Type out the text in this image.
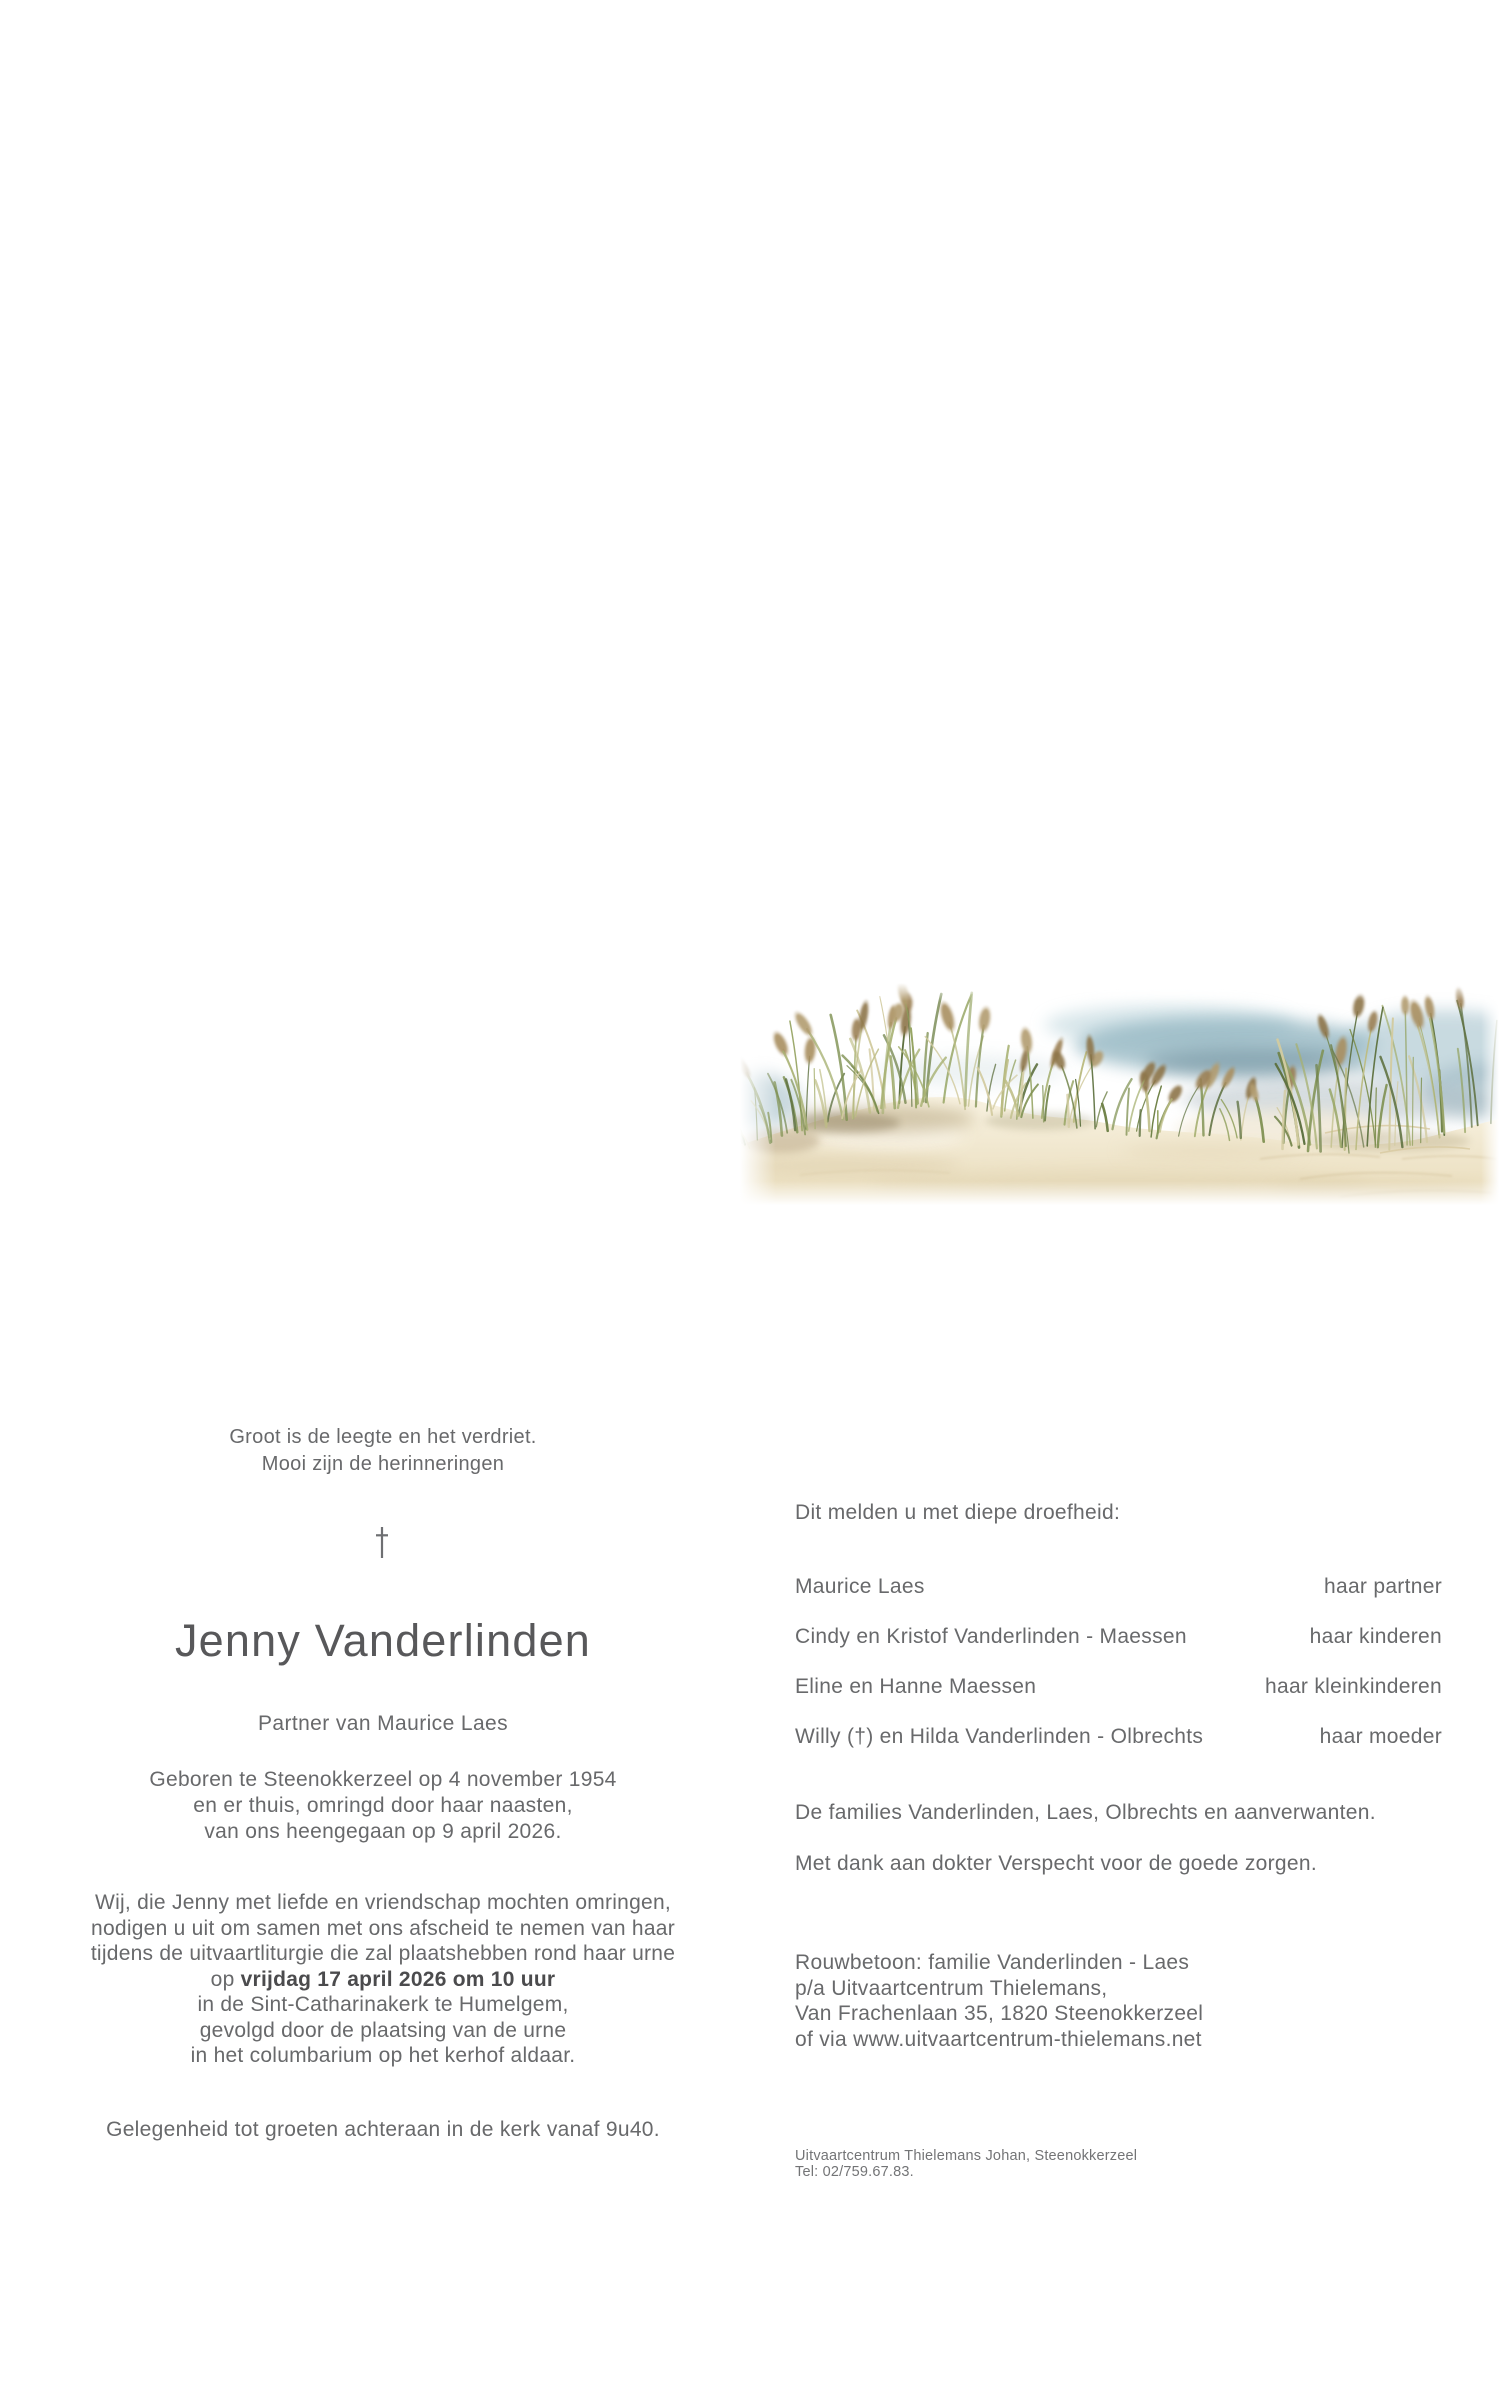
Groot is de leegte en het verdriet.
Mooi zijn de herinneringen
Jenny Vanderlinden
Partner van Maurice Laes
Geboren te Steenokkerzeel op 4 november 1954
en er thuis, omringd door haar naasten,
van ons heengegaan op 9 april 2026.
Wij, die Jenny met liefde en vriendschap mochten omringen,
nodigen u uit om samen met ons afscheid te nemen van haar
tijdens de uitvaartliturgie die zal plaatshebben rond haar urne
op vrijdag 17 april 2026 om 10 uur
in de Sint-Catharinakerk te Humelgem,
gevolgd door de plaatsing van de urne
in het columbarium op het kerhof aldaar.
Gelegenheid tot groeten achteraan in de kerk vanaf 9u40.
Dit melden u met diepe droefheid:
Maurice Laes	haar partner
Cindy en Kristof Vanderlinden - Maessen	haar kinderen
Eline en Hanne Maessen	haar kleinkinderen
Willy (†) en Hilda Vanderlinden - Olbrechts	haar moeder
De families Vanderlinden, Laes, Olbrechts en aanverwanten.
Met dank aan dokter Verspecht voor de goede zorgen.
Rouwbetoon: familie Vanderlinden - Laes
p/a Uitvaartcentrum Thielemans,
Van Frachenlaan 35, 1820 Steenokkerzeel
of via www.uitvaartcentrum-thielemans.net
Uitvaartcentrum Thielemans Johan, Steenokkerzeel
Tel: 02/759.67.83.
